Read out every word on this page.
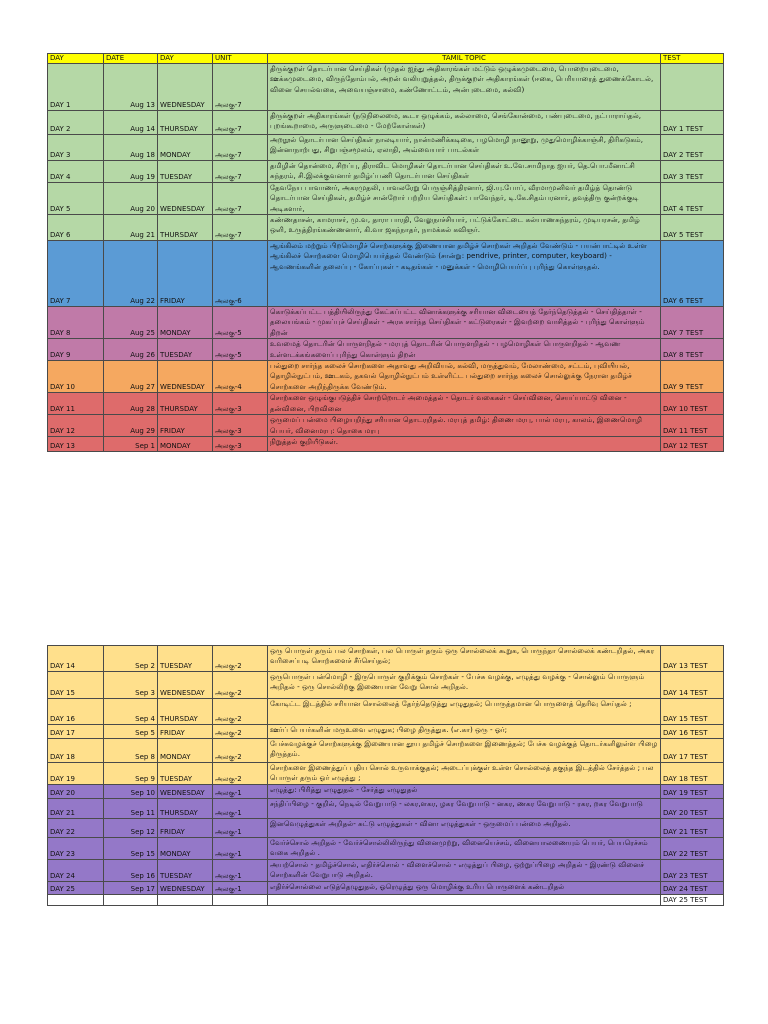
DAY	DATE	DAY	UNIT	TAMIL TOPIC	TEST
DAY 1	Aug 13	WEDNESDAY	அலகு-7	திருக்குறள் தொடர்பான செய்திகள் (முதல் ஐந்து அதிகாரங்கள் மட்டும் ஒழுக்கமுடைமை, பொறையுடைமை, ஊக்கமுடைமை, விருந்தோம்பல், அறன் வலியுறுத்தல், திருக்குறள் அதிகாரங்கள் (ஈகை, பெரியாரைத் துணைக்கோடல், வினை செயல்வகை, அவையஞ்சாமை, கண்ணோட்டம், அன்புடைமை, கல்வி)	
DAY 2	Aug 14	THURSDAY	அலகு-7	திருக்குறள் அதிகாரங்கள் (நடுநிலைமை, கூடா ஒழுக்கம், கல்லாமை, செங்கோன்மை, பண்புடைமை, நட்பாராய்தல், புறங்கூறாமை, அருளுடைமை - மேற்கோள்கள்)	DAY 1 TEST
DAY 3	Aug 18	MONDAY	அலகு-7	அறநூல் தொடர்பான செய்திகள் நாலடியார், நான்மணிக்கடிகை, பழமொழி நானூறு, முதுமொழிக்காஞ்சி, திரிகடுகம், இன்னாநாற்பது, சிறுபஞ்சமூலம், ஏலாதி, அவ்வையார் பாடல்கள்	DAY 2 TEST
DAY 4	Aug 19	TUESDAY	அலகு-7	தமிழின் தொன்மை, சிறப்பு, திராவிட மொழிகள் தொடர்பான செய்திகள் உ.வே.சாமிநாத ஐயர், தெ.பொ.மீனாட்சி சுந்தரம், சி.இலக்குவனார் தமிழ்ப்பணி தொடர்பான செய்திகள்	DAY 3 TEST
DAY 5	Aug 20	WEDNESDAY	அலகு-7	தேவநேய பாவாணர், அகரமுதலி, பாவலரேறு பெருஞ்சித்திரனார், ஜி.யு.போப், வீரமாமுனிவர் தமிழ்த் தொண்டு தொடர்பான செய்திகள், தமிழ்ச் சான்றோர் பற்றிய செய்திகள்: பாவேந்தர், டி.கே.சிதம்பரனார், தவத்திரு குன்றக்குடி அடிகளார்,	DAT 4 TEST
DAY 6	Aug 21	THURSDAY	அலகு-7	கண்ணதாசன், காமராசர், மு.வ, தாரா பாரதி, வேலுநாச்சியார், பட்டுக்கோட்டை கல்யாணசுந்தரம், முடியரசன், தமிழ் ஒளி, உருத்திரங்கண்ணனார், கி.வா ஜகந்நாதர், நாமக்கல் கவிஞர்.	DAY 5 TEST
DAY 7	Aug 22	FRIDAY	அலகு-6	ஆங்கிலம் மற்றும் பிறமொழிச் சொற்களுக்கு இணையான தமிழ்ச் சொற்கள் அறிதல் வேண்டும் - பயன்பாட்டில் உள்ள ஆங்கிலச் சொற்களை மொழிபெயர்த்தல் வேண்டும் (சான்று: pendrive, printer, computer, keyboard) - ஆவணங்களின் தலைப்பு - கோப்புகள் - கடிதங்கள் - மனுக்கள் - மொழிபெயர்ப்பு புரிந்து கொள்ளுதல்.	DAY 6 TEST
DAY 8	Aug 25	MONDAY	அலகு-5	கொடுக்கப்பட்ட பத்தியிலிருந்து கேட்கப்பட்ட வினாக்களுக்கு சரியான விடையைத் தேர்ந்தெடுத்தல் - செய்தித்தாள் - தலையங்கம் - முகப்புச் செய்திகள் - அரசு சார்ந்த செய்திகள் - கட்டுரைகள் - இவற்றை வாசித்தல் - புரிந்து கொள்ளும் திறன்	DAY 7 TEST
DAY 9	Aug 26	TUESDAY	அலகு-5	உவமைத் தொடரின் பொருளறிதல் - மரபுத் தொடரின் பொருளறிதல் - பழமொழிகள் பொருளறிதல் - ஆவண உள்ளடக்கங்களைப் புரிந்து கொள்ளும் திறன்	DAY 8 TEST
DAY 10	Aug 27	WEDNESDAY	அலகு-4	பல்துறை சார்ந்த கலைச் சொற்களை அதாவது அறிவியல், கல்வி, மருத்துவம், மேலாண்மை, சட்டம், புவியியல், தொழில்நுட்பம், ஊடகம், தகவல் தொழில்நுட்பம் உள்ளிட்ட பல்துறை சார்ந்த கலைச் சொல்லுக்கு நேரான தமிழ்ச் சொற்களை அறிந்திருக்க வேண்டும்.	DAY 9 TEST
DAY 11	Aug 28	THURSDAY	அலகு-3	சொற்களை ஒழுங்குபடுத்திச் சொற்றொடர் அமைத்தல் - தொடர் வகைகள் - செய்வினை, செயப்பாட்டு வினை - தன்வினை, பிறவினை	DAY 10 TEST
DAY 12	Aug 29	FRIDAY	அலகு-3	ஒருமைப் பன்மை பிழையறிந்து சரியான தொடரறிதல். மரபுத் தமிழ்: திணை மரபு, பால் மரபு, காலம், இணைமொழி பெயர், வினைமரபு: தொகை மரபு	DAY 11 TEST
DAY 13	Sep 1	MONDAY	அலகு-3	நிறுத்தல் குறியீடுகள்.	DAY 12 TEST
DAY 14	Sep 2	TUESDAY	அலகு-2	ஒரு பொருள் தரும் பல சொற்கள், பல பொருள் தரும் ஒரு சொல்லைக் கூறுக, பொருந்தா சொல்லைக் கண்டறிதல், அகர வரிசைப்படி சொற்களைச் சீர்செய்தல்;	DAY 13 TEST
DAY 15	Sep 3	WEDNESDAY	அலகு-2	ஒருபொருள் பன்மொழி - இருபொருள் குறிக்கும் சொற்கள் - பேச்சு வழக்கு, எழுத்து வழக்கு - சொல்லும் பொருளும் அறிதல் - ஒரு சொல்லிற்கு இணையான வேறு சொல் அறிதல்.	DAY 14 TEST
DAY 16	Sep 4	THURSDAY	அலகு-2	கோடிட்ட இடத்தில் சரியான சொல்லைத் தேர்ந்தெடுத்து எழுதுதல்; பொருத்தமான பொருளைத் தெரிவு செய்தல் ;	DAY 15 TEST
DAY 17	Sep 5	FRIDAY	அலகு-2	ஊர்ப் பெயர்களின் மருஉவை எழுதுக; பிழை திருத்துக. (எ.கா) ஒரு - ஓர்;	DAY 16 TEST
DAY 18	Sep 8	MONDAY	அலகு-2	பேச்சுவழக்குச் சொற்களுக்கு இணையான தூய தமிழ்ச் சொற்களை இணைத்தல்; பேச்சு வழக்குத் தொடர்களிலுள்ள பிழை திருத்தம்.	DAY 17 TEST
DAY 19	Sep 9	TUESDAY	அலகு-2	சொற்களை இணைத்துப் புதிய சொல் உருவாக்குதல்; அடைப்புக்குள் உள்ள சொல்லைத் தகுந்த இடத்தில் சேர்த்தல் ; பல பொருள் தரும் ஓர் எழுத்து ;	DAY 18 TEST
DAY 20	Sep 10	WEDNESDAY	அலகு-1	எழுத்து: பிரித்து எழுதுதல் - சேர்த்து எழுதுதல்	DAY 19 TEST
DAY 21	Sep 11	THURSDAY	அலகு-1	சந்திப்பிழை - குறில், நெடில் வேறுபாடு - லகர,ளகர, ழகர வேறுபாடு - னகர, ணகர வேறுபாடு - ரகர, றகர வேறுபாடு	DAY 20 TEST
DAY 22	Sep 12	FRIDAY	அலகு-1	இனவெழுத்துகள் அறிதல்- சுட்டு எழுத்துகள் - வினா எழுத்துகள் - ஒருமைப் பன்மை அறிதல்.	DAY 21 TEST
DAY 23	Sep 15	MONDAY	அலகு-1	வேர்ச்சொல் அறிதல் - வேர்ச்சொல்லிலிருந்து வினைமுற்று, வினையெச்சம், வினையாலணையும் பெயர், பெயரெச்சம் வகை அறிதல் .	DAY 22 TEST
DAY 24	Sep 16	TUESDAY	அலகு-1	அயற்சொல் - தமிழ்ச்சொல், எதிர்ச்சொல் - விளைச்சொல் - எழுத்துப் பிழை, ஒற்றுப்பிழை அறிதல் - இரண்டு வினைச் சொற்களின் வேறுபாடு அறிதல்.	DAY 23 TEST
DAY 25	Sep 17	WEDNESDAY	அலகு-1	எதிர்ச்சொல்லை எடுத்தெழுதுதல், ஓரெழுத்து ஒரு மொழிக்கு உரிய பொருளைக் கண்டறிதல்	DAY 24 TEST
					DAY 25 TEST
